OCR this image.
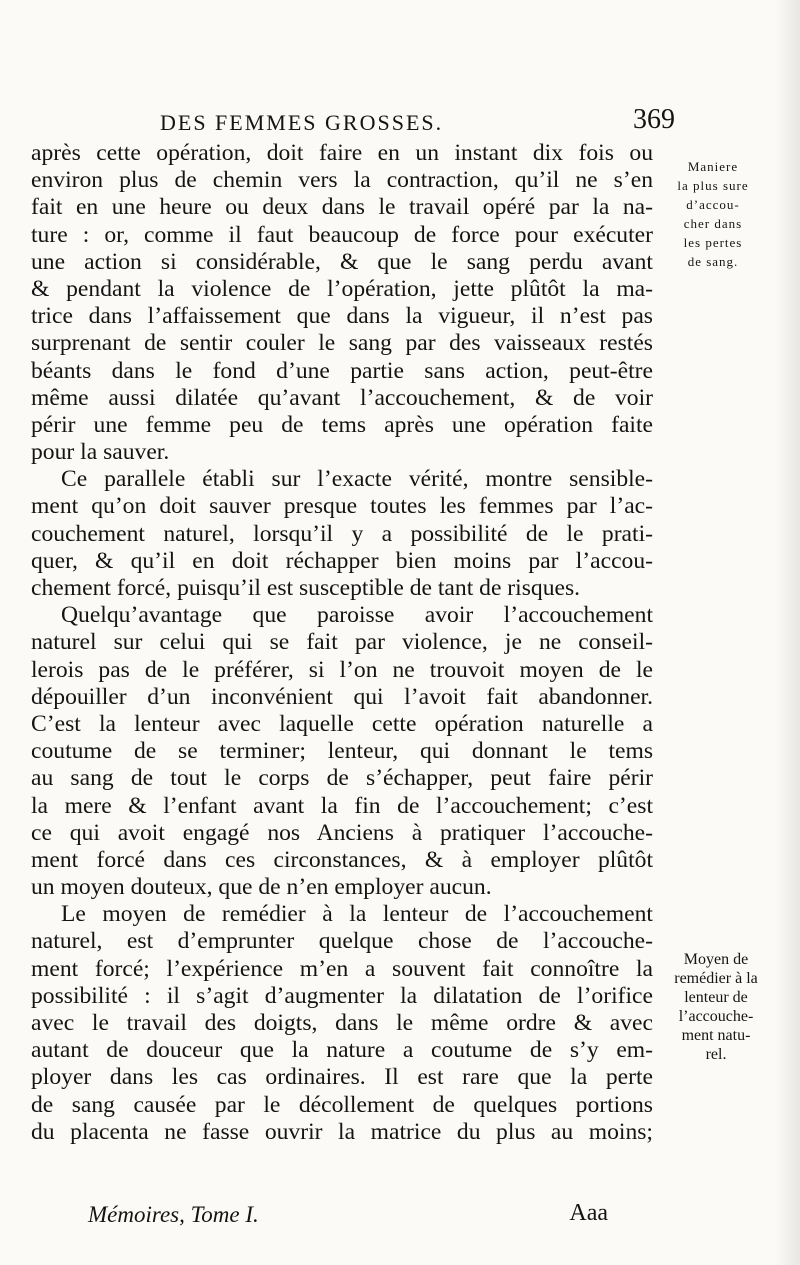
DES FEMMES GROSSES.	369
après cette opération, doit faire en un instant dix fois ou
environ plus de chemin vers la contraction, qu’il ne s’en
fait en une heure ou deux dans le travail opéré par la na-
ture : or, comme il faut beaucoup de force pour exécuter
une action si considérable, & que le sang perdu avant
& pendant la violence de l’opération, jette plûtôt la ma-
trice dans l’affaissement que dans la vigueur, il n’est pas
surprenant de sentir couler le sang par des vaisseaux restés
béants dans le fond d’une partie sans action, peut-être
même aussi dilatée qu’avant l’accouchement, & de voir
périr une femme peu de tems après une opération faite
pour la sauver.
Ce parallele établi sur l’exacte vérité, montre sensible-
ment qu’on doit sauver presque toutes les femmes par l’ac-
couchement naturel, lorsqu’il y a possibilité de le prati-
quer, & qu’il en doit réchapper bien moins par l’accou-
chement forcé, puisqu’il est susceptible de tant de risques.
Quelqu’avantage que paroisse avoir l’accouchement
naturel sur celui qui se fait par violence, je ne conseil-
lerois pas de le préférer, si l’on ne trouvoit moyen de le
dépouiller d’un inconvénient qui l’avoit fait abandonner.
C’est la lenteur avec laquelle cette opération naturelle a
coutume de se terminer; lenteur, qui donnant le tems
au sang de tout le corps de s’échapper, peut faire périr
la mere & l’enfant avant la fin de l’accouchement; c’est
ce qui avoit engagé nos Anciens à pratiquer l’accouche-
ment forcé dans ces circonstances, & à employer plûtôt
un moyen douteux, que de n’en employer aucun.
Le moyen de remédier à la lenteur de l’accouchement
naturel, est d’emprunter quelque chose de l’accouche-
ment forcé; l’expérience m’en a souvent fait connoître la
possibilité : il s’agit d’augmenter la dilatation de l’orifice
avec le travail des doigts, dans le même ordre & avec
autant de douceur que la nature a coutume de s’y em-
ployer dans les cas ordinaires. Il est rare que la perte
de sang causée par le décollement de quelques portions
du placenta ne fasse ouvrir la matrice du plus au moins;
Maniere
la plus sure
d’accou-
cher dans
les pertes
de sang.
Moyen de
remédier à la
lenteur de
l’accouche-
ment natu-
rel.
Mémoires, Tome I.	Aaa
